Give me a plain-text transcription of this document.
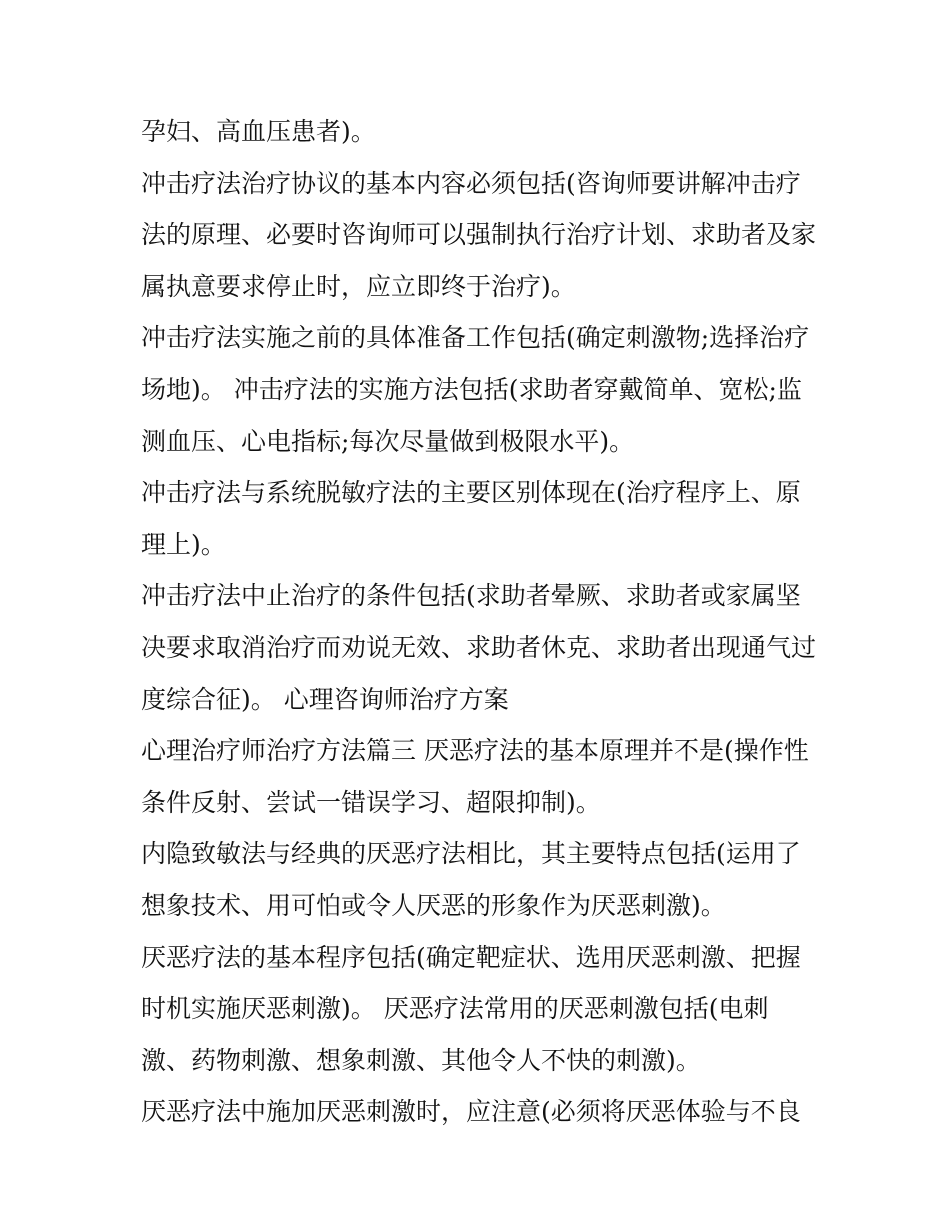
孕妇、高血压患者)。
冲击疗法治疗协议的基本内容必须包括(咨询师要讲解冲击疗
法的原理、必要时咨询师可以强制执行治疗计划、求助者及家
属执意要求停止时，应立即终于治疗)。
冲击疗法实施之前的具体准备工作包括(确定刺激物;选择治疗
场地)。 冲击疗法的实施方法包括(求助者穿戴简单、宽松;监
测血压、心电指标;每次尽量做到极限水平)。
冲击疗法与系统脱敏疗法的主要区别体现在(治疗程序上、原
理上)。
冲击疗法中止治疗的条件包括(求助者晕厥、求助者或家属坚
决要求取消治疗而劝说无效、求助者休克、求助者出现通气过
度综合征)。 心理咨询师治疗方案
心理治疗师治疗方法篇三 厌恶疗法的基本原理并不是(操作性
条件反射、尝试一错误学习、超限抑制)。
内隐致敏法与经典的厌恶疗法相比，其主要特点包括(运用了
想象技术、用可怕或令人厌恶的形象作为厌恶刺激)。
厌恶疗法的基本程序包括(确定靶症状、选用厌恶刺激、把握
时机实施厌恶刺激)。 厌恶疗法常用的厌恶刺激包括(电刺
激、药物刺激、想象刺激、其他令人不快的刺激)。
厌恶疗法中施加厌恶刺激时，应注意(必须将厌恶体验与不良
